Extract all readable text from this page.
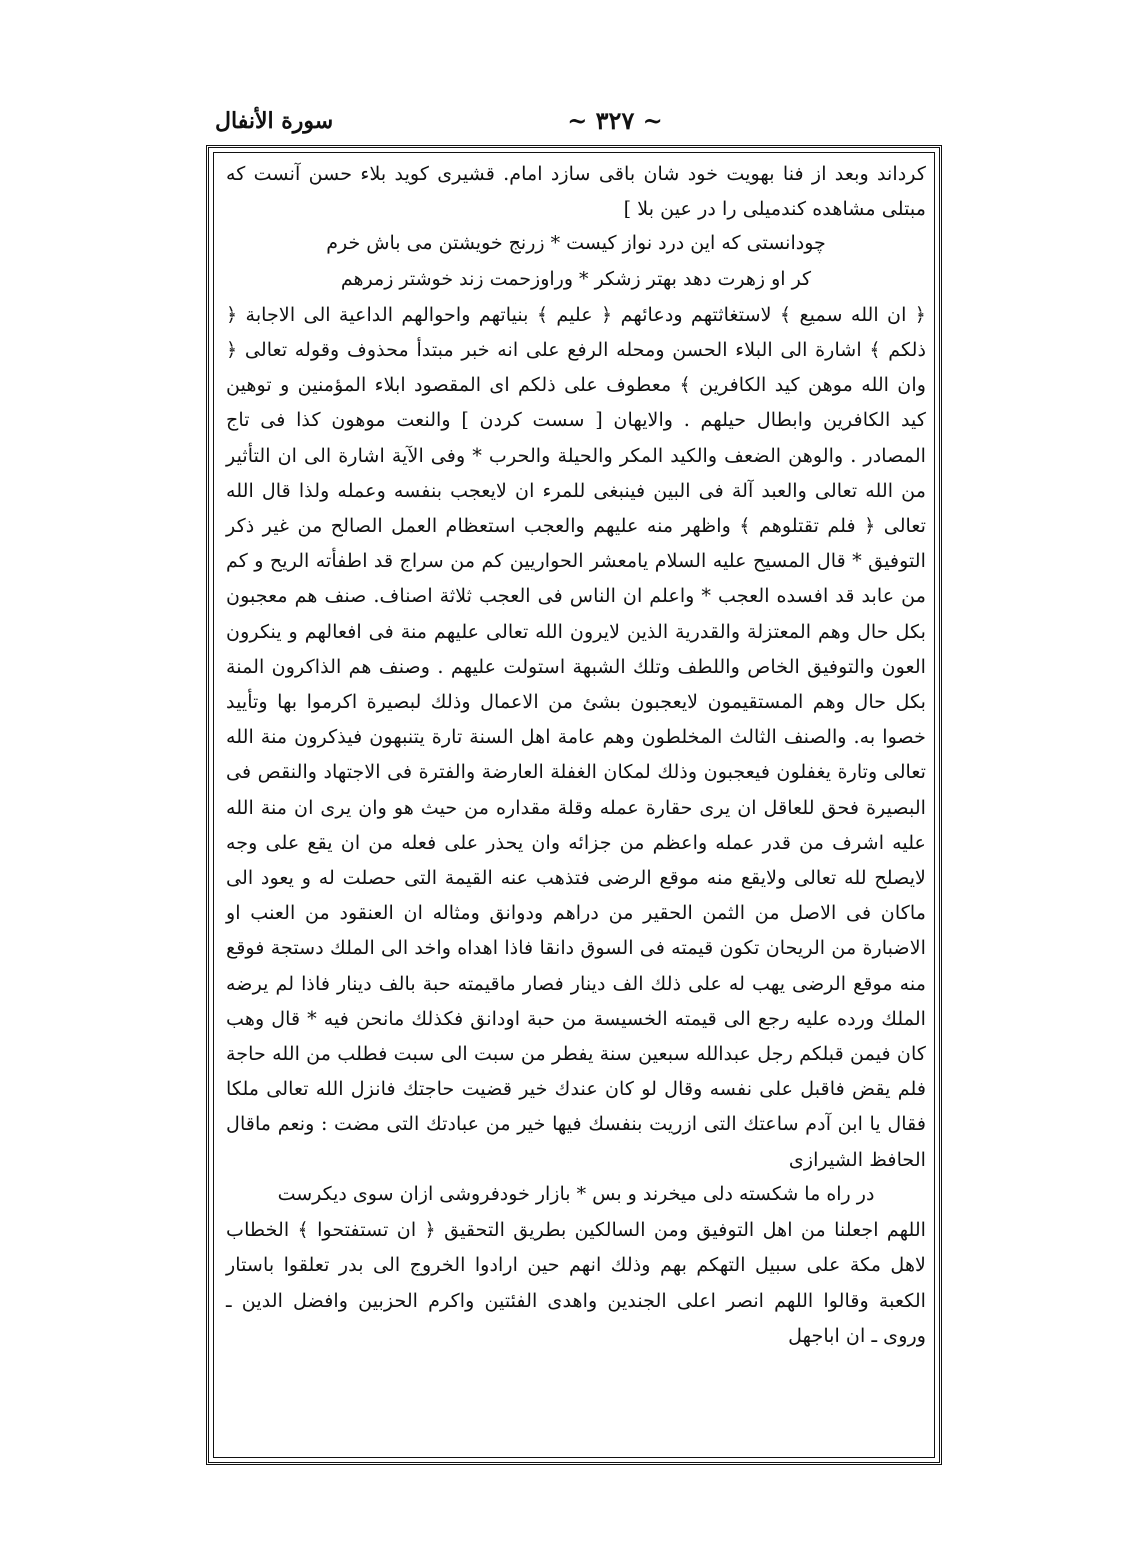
سورة الأنفال	~ ٣٢٧ ~

كرداند وبعد از فنا بهويت خود شان باقى سازد امام. قشيرى كويد بلاء حسن آنست كه مبتلى مشاهده كندميلى را در عين بلا ]

چودانستى كه اين درد نواز كيست * زرنج خويشتن مى باش خرم

كر او زهرت دهد بهتر زشكر * وراوزحمت زند خوشتر زمرهم

﴿ ان الله سميع ﴾ لاستغاثتهم ودعائهم ﴿ عليم ﴾ بنياتهم واحوالهم الداعية الى الاجابة ﴿ ذلكم ﴾ اشارة الى البلاء الحسن ومحله الرفع على انه خبر مبتدأ محذوف وقوله تعالى ﴿ وان الله موهن كيد الكافرين ﴾ معطوف على ذلكم اى المقصود ابلاء المؤمنين و توهين كيد الكافرين وابطال حيلهم . والايهان [ سست كردن ] والنعت موهون كذا فى تاج المصادر . والوهن الضعف والكيد المكر والحيلة والحرب * وفى الآية اشارة الى ان التأثير من الله تعالى والعبد آلة فى البين فينبغى للمرء ان لايعجب بنفسه وعمله ولذا قال الله تعالى ﴿ فلم تقتلوهم ﴾ واظهر منه عليهم والعجب استعظام العمل الصالح من غير ذكر التوفيق * قال المسيح عليه السلام يامعشر الحواريين كم من سراج قد اطفأته الريح و كم من عابد قد افسده العجب * واعلم ان الناس فى العجب ثلاثة اصناف. صنف هم معجبون بكل حال وهم المعتزلة والقدرية الذين لايرون الله تعالى عليهم منة فى افعالهم و ينكرون العون والتوفيق الخاص واللطف وتلك الشبهة استولت عليهم . وصنف هم الذاكرون المنة بكل حال وهم المستقيمون لايعجبون بشئ من الاعمال وذلك لبصيرة اكرموا بها وتأييد خصوا به. والصنف الثالث المخلطون وهم عامة اهل السنة تارة يتنبهون فيذكرون منة الله تعالى وتارة يغفلون فيعجبون وذلك لمكان الغفلة العارضة والفترة فى الاجتهاد والنقص فى البصيرة فحق للعاقل ان يرى حقارة عمله وقلة مقداره من حيث هو وان يرى ان منة الله عليه اشرف من قدر عمله واعظم من جزائه وان يحذر على فعله من ان يقع على وجه لايصلح لله تعالى ولايقع منه موقع الرضى فتذهب عنه القيمة التى حصلت له و يعود الى ماكان فى الاصل من الثمن الحقير من دراهم ودوانق ومثاله ان العنقود من العنب او الاضبارة من الريحان تكون قيمته فى السوق دانقا فاذا اهداه واخد الى الملك دستجة فوقع منه موقع الرضى يهب له على ذلك الف دينار فصار ماقيمته حبة بالف دينار فاذا لم يرضه الملك ورده عليه رجع الى قيمته الخسيسة من حبة اودانق فكذلك مانحن فيه * قال وهب كان فيمن قبلكم رجل عبدالله سبعين سنة يفطر من سبت الى سبت فطلب من الله حاجة فلم يقض فاقبل على نفسه وقال لو كان عندك خير قضيت حاجتك فانزل الله تعالى ملكا فقال يا ابن آدم ساعتك التى ازريت بنفسك فيها خير من عبادتك التى مضت : ونعم ماقال الحافظ الشيرازى

در راه ما شكسته دلى ميخرند و بس * بازار خودفروشى ازان سوى ديكرست

اللهم اجعلنا من اهل التوفيق ومن السالكين بطريق التحقيق ﴿ ان تستفتحوا ﴾ الخطاب لاهل مكة على سبيل التهكم بهم وذلك انهم حين ارادوا الخروج الى بدر تعلقوا باستار الكعبة وقالوا اللهم انصر اعلى الجندين واهدى الفئتين واكرم الحزبين وافضل الدين ـ وروى ـ ان اباجهل
